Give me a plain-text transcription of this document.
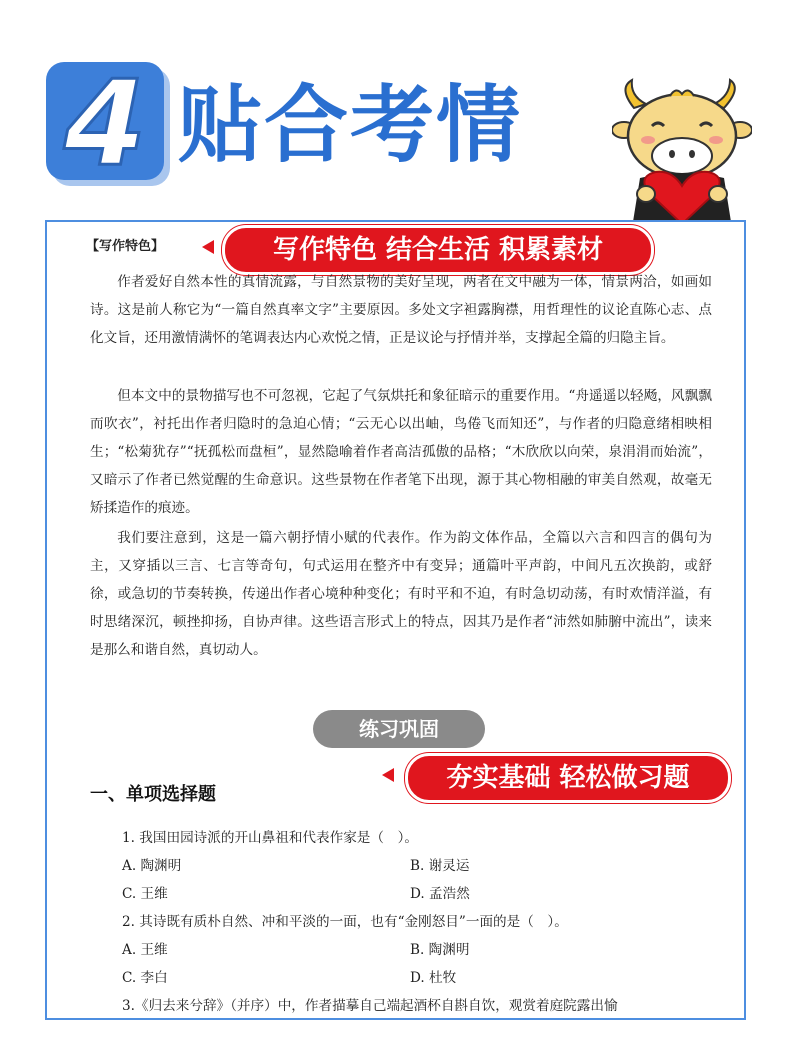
4 贴合考情
【写作特色】	写作特色 结合生活 积累素材

作者爱好自然本性的真情流露，与自然景物的美好呈现，两者在文中融为一体，情景两洽，如画如诗。这是前人称它为“一篇自然真率文字”主要原因。多处文字袒露胸襟，用哲理性的议论直陈心志、点化文旨，还用激情满怀的笔调表达内心欢悦之情，正是议论与抒情并举，支撑起全篇的归隐主旨。

但本文中的景物描写也不可忽视，它起了气氛烘托和象征暗示的重要作用。“舟遥遥以轻飏，风飘飘而吹衣”，衬托出作者归隐时的急迫心情；“云无心以出岫，鸟倦飞而知还”，与作者的归隐意绪相映相生；“松菊犹存”“抚孤松而盘桓”，显然隐喻着作者高洁孤傲的品格；“木欣欣以向荣，泉涓涓而始流”，又暗示了作者已然觉醒的生命意识。这些景物在作者笔下出现，源于其心物相融的审美自然观，故毫无矫揉造作的痕迹。

我们要注意到，这是一篇六朝抒情小赋的代表作。作为韵文体作品，全篇以六言和四言的偶句为主，又穿插以三言、七言等奇句，句式运用在整齐中有变异；通篇叶平声韵，中间凡五次换韵，或舒徐，或急切的节奏转换，传递出作者心境种种变化；有时平和不迫，有时急切动荡，有时欢情洋溢，有时思绪深沉，顿挫抑扬，自协声律。这些语言形式上的特点，因其乃是作者“沛然如肺腑中流出”，读来是那么和谐自然，真切动人。

练习巩固
夯实基础 轻松做习题
一、单项选择题
1. 我国田园诗派的开山鼻祖和代表作家是（　）。
A. 陶渊明	B. 谢灵运
C. 王维	D. 孟浩然
2. 其诗既有质朴自然、冲和平淡的一面，也有“金刚怒目”一面的是（　）。
A. 王维	B. 陶渊明
C. 李白	D. 杜牧
3.《归去来兮辞》（并序）中，作者描摹自己端起酒杯自斟自饮，观赏着庭院露出愉
